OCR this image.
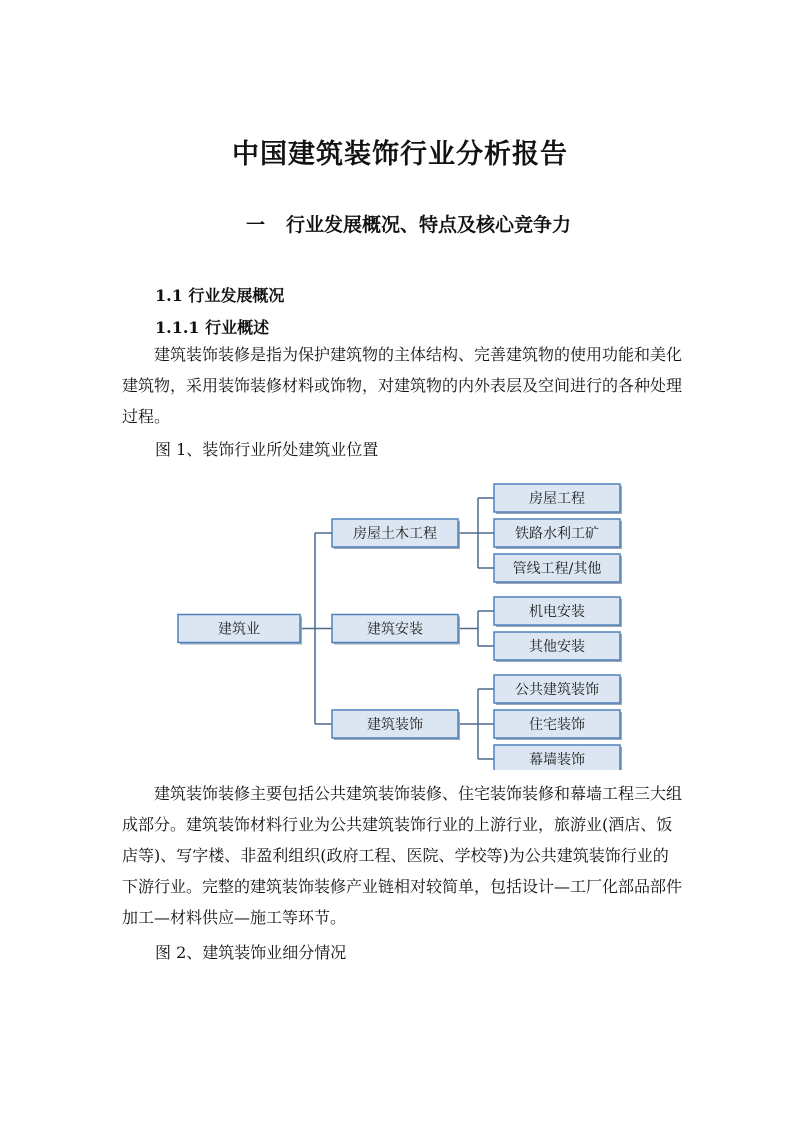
中国建筑装饰行业分析报告
一 行业发展概况、特点及核心竞争力
1.1 行业发展概况
1.1.1 行业概述

建筑装饰装修是指为保护建筑物的主体结构、完善建筑物的使用功能和美化建筑物，采用装饰装修材料或饰物，对建筑物的内外表层及空间进行的各种处理过程。

图 1、装饰行业所处建筑业位置
房屋工程
铁路水利工矿
管线工程/其他
房屋土木工程
机电安装
其他安装
建筑安装
公共建筑装饰
住宅装饰
幕墙装饰
建筑装饰
建筑业

建筑装饰装修主要包括公共建筑装饰装修、住宅装饰装修和幕墙工程三大组成部分。建筑装饰材料行业为公共建筑装饰行业的上游行业，旅游业(酒店、饭店等)、写字楼、非盈利组织(政府工程、医院、学校等)为公共建筑装饰行业的下游行业。完整的建筑装饰装修产业链相对较简单，包括设计—工厂化部品部件加工—材料供应—施工等环节。

图 2、建筑装饰业细分情况
